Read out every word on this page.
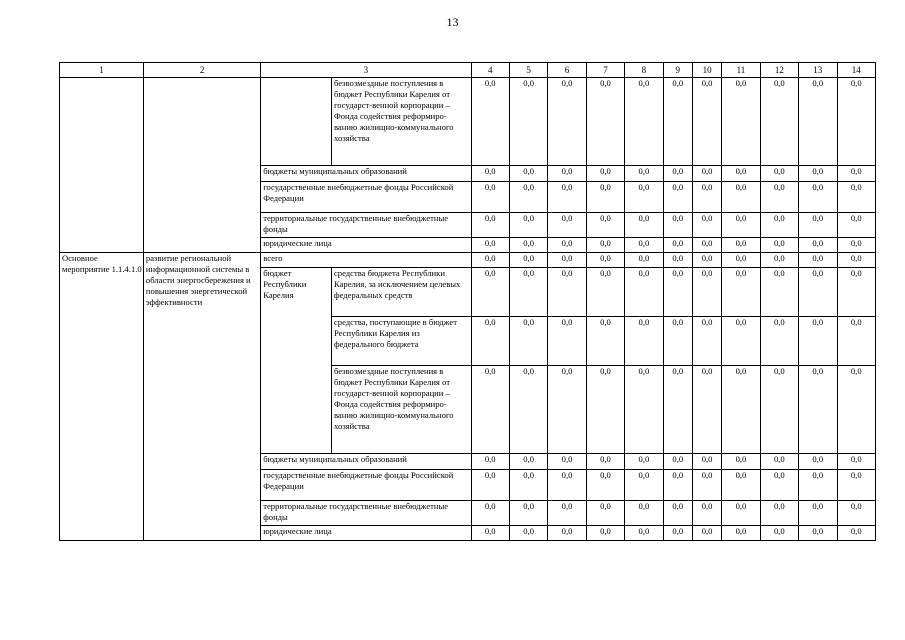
13
1	2	3		4	5	6	7	8	9	10	11	12	13	14
			безвозмездные поступления в бюджет Республики Карелия от государст-венной корпорации – Фонда содействия реформиро-ванию жилищно-коммунального хозяйства	0,0	0,0	0,0	0,0	0,0	0,0	0,0	0,0	0,0	0,0	0,0
		бюджеты муниципальных образований		0,0	0,0	0,0	0,0	0,0	0,0	0,0	0,0	0,0	0,0	0,0
		государственные внебюджетные фонды Российской Федерации		0,0	0,0	0,0	0,0	0,0	0,0	0,0	0,0	0,0	0,0	0,0
		территориальные государственные внебюджетные фонды		0,0	0,0	0,0	0,0	0,0	0,0	0,0	0,0	0,0	0,0	0,0
		юридические лица		0,0	0,0	0,0	0,0	0,0	0,0	0,0	0,0	0,0	0,0	0,0
Основное мероприятие 1.1.4.1.0	развитие региональной информационной системы в области энергосбережения и повышения энергетической эффективности	всего		0,0	0,0	0,0	0,0	0,0	0,0	0,0	0,0	0,0	0,0	0,0
		бюджет Республики Карелия	средства бюджета Республики Карелия, за исключением целевых федеральных средств	0,0	0,0	0,0	0,0	0,0	0,0	0,0	0,0	0,0	0,0	0,0
			средства, поступающие в бюджет Республики Карелия из федерального бюджета	0,0	0,0	0,0	0,0	0,0	0,0	0,0	0,0	0,0	0,0	0,0
			безвозмездные поступления в бюджет Республики Карелия от государст-венной корпорации – Фонда содействия реформиро-ванию жилищно-коммунального хозяйства	0,0	0,0	0,0	0,0	0,0	0,0	0,0	0,0	0,0	0,0	0,0
		бюджеты муниципальных образований		0,0	0,0	0,0	0,0	0,0	0,0	0,0	0,0	0,0	0,0	0,0
		государственные внебюджетные фонды Российской Федерации		0,0	0,0	0,0	0,0	0,0	0,0	0,0	0,0	0,0	0,0	0,0
		территориальные государственные внебюджетные фонды		0,0	0,0	0,0	0,0	0,0	0,0	0,0	0,0	0,0	0,0	0,0
		юридические лица		0,0	0,0	0,0	0,0	0,0	0,0	0,0	0,0	0,0	0,0	0,0
